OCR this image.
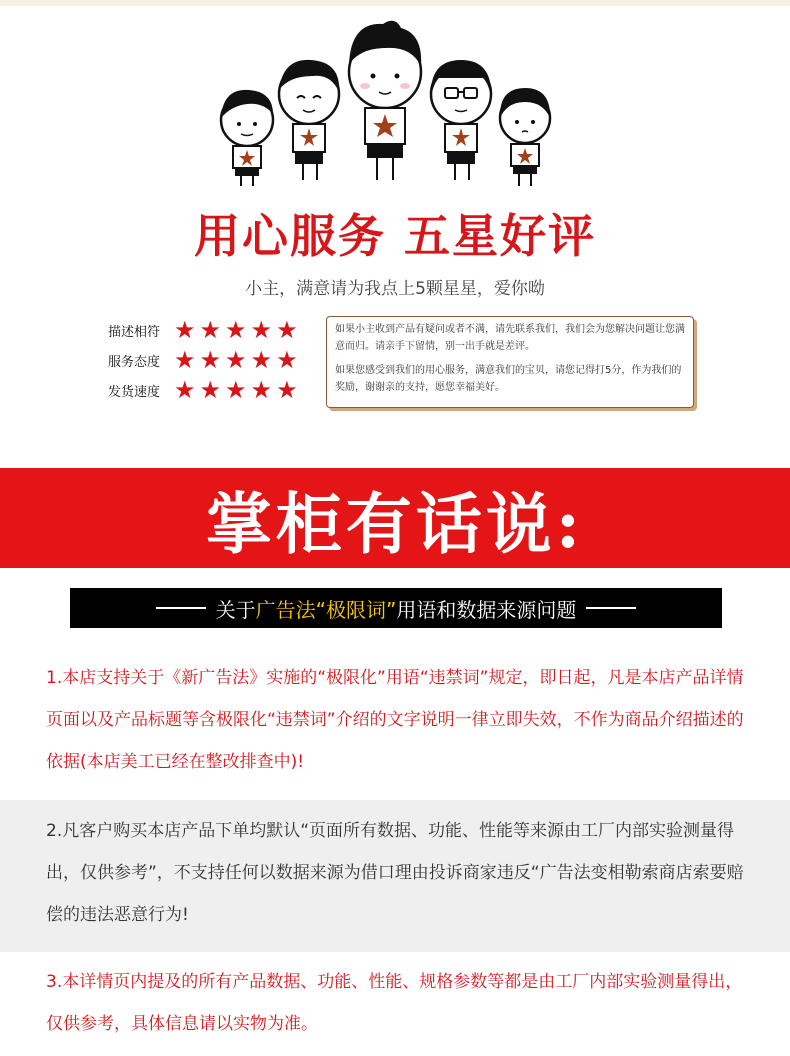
用心服务 五星好评
小主，满意请为我点上5颗星星，爱你呦
描述相符 ★ ★ ★ ★ ★
服务态度 ★ ★ ★ ★ ★
发货速度 ★ ★ ★ ★ ★

如果小主收到产品有疑问或者不满，请先联系我们，我们会为您解决问题让您满意而归。请亲手下留情，别一出手就是差评。

如果您感受到我们的用心服务，满意我们的宝贝，请您记得打5分，作为我们的奖励，谢谢亲的支持，愿您幸福美好。

掌柜有话说:
关于 广告法 “极限词” 用语和数据来源问题
1.本店支持关于《新广告法》实施的“极限化”用语“违禁词”规定，即日起，凡是本店产品详情页面以及产品标题等含极限化“违禁词”介绍的文字说明一律立即失效，不作为商品介绍描述的依据(本店美工已经在整改排查中)!
2.凡客户购买本店产品下单均默认“页面所有数据、功能、性能等来源由工厂内部实验测量得出，仅供参考”，不支持任何以数据来源为借口理由投诉商家违反“广告法变相勒索商店索要赔偿的违法恶意行为!
3.本详情页内提及的所有产品数据、功能、性能、规格参数等都是由工厂内部实验测量得出，仅供参考，具体信息请以实物为准。
